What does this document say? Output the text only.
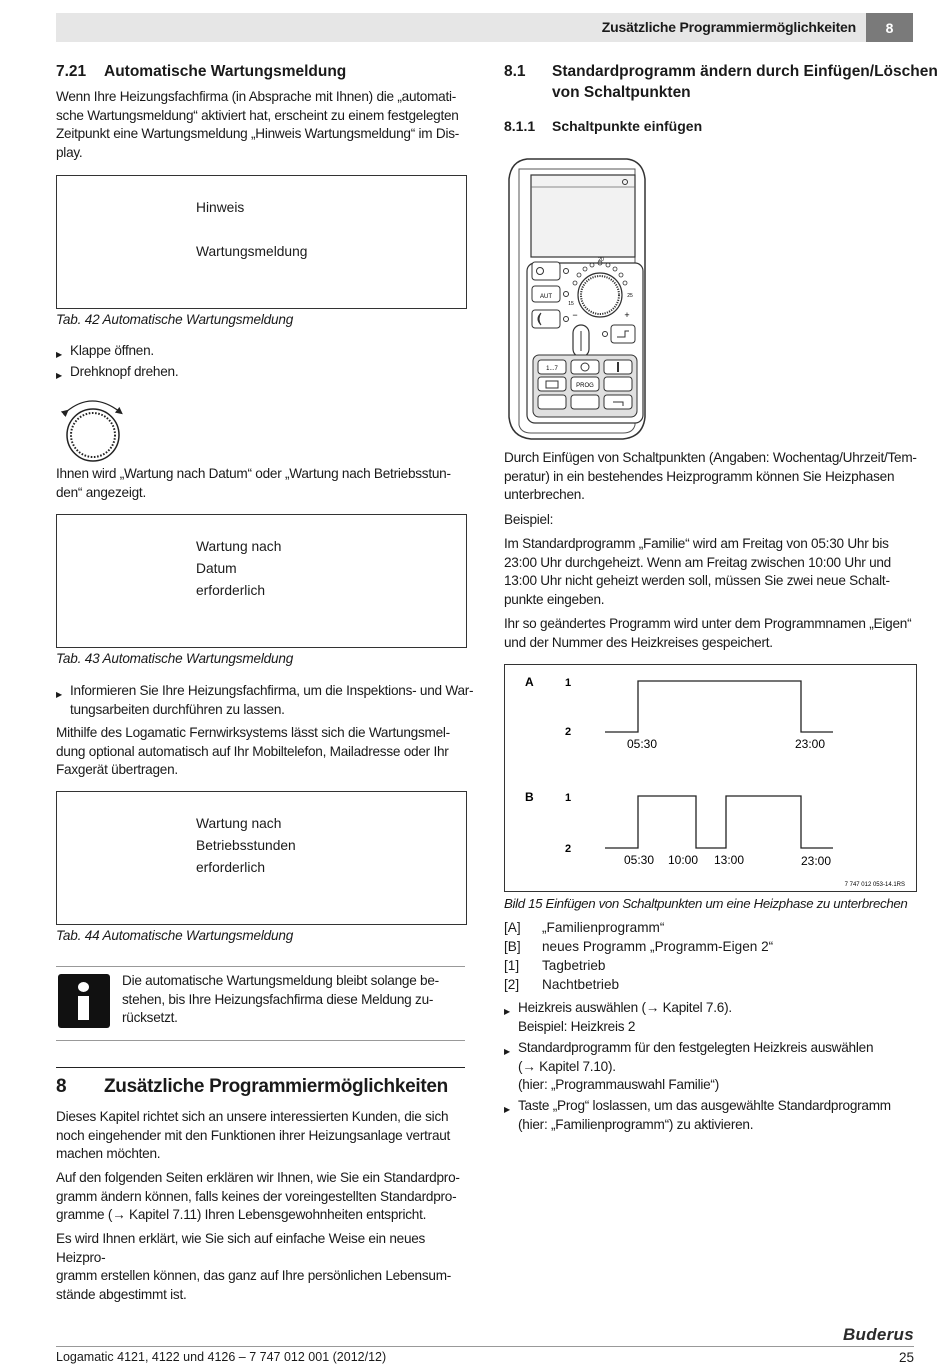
Zusätzliche Programmiermöglichkeiten	8
7.21 Automatische Wartungsmeldung
Wenn Ihre Heizungsfachfirma (in Absprache mit Ihnen) die „automati-
sche Wartungsmeldung“ aktiviert hat, erscheint zu einem festgelegten
Zeitpunkt eine Wartungsmeldung „Hinweis Wartungsmeldung“ im Dis-
play.
Hinweis
Wartungsmeldung
Tab. 42 Automatische Wartungsmeldung
▶ Klappe öffnen.
▶ Drehknopf drehen.
Ihnen wird „Wartung nach Datum“ oder „Wartung nach Betriebsstun-
den“ angezeigt.
Wartung nach
Datum
erforderlich
Tab. 43 Automatische Wartungsmeldung
▶ Informieren Sie Ihre Heizungsfachfirma, um die Inspektions- und War-
tungsarbeiten durchführen zu lassen.
Mithilfe des Logamatic Fernwirksystems lässt sich die Wartungsmel-
dung optional automatisch auf Ihr Mobiltelefon, Mailadresse oder Ihr
Faxgerät übertragen.
Wartung nach
Betriebsstunden
erforderlich
Tab. 44 Automatische Wartungsmeldung
Die automatische Wartungsmeldung bleibt solange be-
stehen, bis Ihre Heizungsfachfirma diese Meldung zu-
rücksetzt.
8 Zusätzliche Programmiermöglichkeiten
Dieses Kapitel richtet sich an unsere interessierten Kunden, die sich
noch eingehender mit den Funktionen ihrer Heizungsanlage vertraut
machen möchten.
Auf den folgenden Seiten erklären wir Ihnen, wie Sie ein Standardpro-
gramm ändern können, falls keines der voreingestellten Standardpro-
gramme (→ Kapitel 7.11) Ihren Lebensgewohnheiten entspricht.
Es wird Ihnen erklärt, wie Sie sich auf einfache Weise ein neues Heizpro-
gramm erstellen können, das ganz auf Ihre persönlichen Lebensum-
stände abgestimmt ist.
8.1 Standardprogramm ändern durch Einfügen/Löschen
von Schaltpunkten
8.1.1 Schaltpunkte einfügen
AUT
20
15
25
−	+
1...7
PROG
Durch Einfügen von Schaltpunkten (Angaben: Wochentag/Uhrzeit/Tem-
peratur) in ein bestehendes Heizprogramm können Sie Heizphasen
unterbrechen.
Beispiel:
Im Standardprogramm „Familie“ wird am Freitag von 05:30 Uhr bis
23:00 Uhr durchgeheizt. Wenn am Freitag zwischen 10:00 Uhr und
13:00 Uhr nicht geheizt werden soll, müssen Sie zwei neue Schalt-
punkte eingeben.
Ihr so geändertes Programm wird unter dem Programmnamen „Eigen“
und der Nummer des Heizkreises gespeichert.
A	1
2
05:30	23:00
B	1
2
05:30 10:00 13:00	23:00
7 747 012 053-14.1RS
Bild 15 Einfügen von Schaltpunkten um eine Heizphase zu unterbrechen
[A] „Familienprogramm“
[B] neues Programm „Programm-Eigen 2“
[1] Tagbetrieb
[2] Nachtbetrieb
▶ Heizkreis auswählen (→ Kapitel 7.6).
Beispiel: Heizkreis 2
▶ Standardprogramm für den festgelegten Heizkreis auswählen
(→ Kapitel 7.10).
(hier: „Programmauswahl Familie“)
▶ Taste „Prog“ loslassen, um das ausgewählte Standardprogramm
(hier: „Familienprogramm“) zu aktivieren.
Buderus
Logamatic 4121, 4122 und 4126 – 7 747 012 001 (2012/12)	25
